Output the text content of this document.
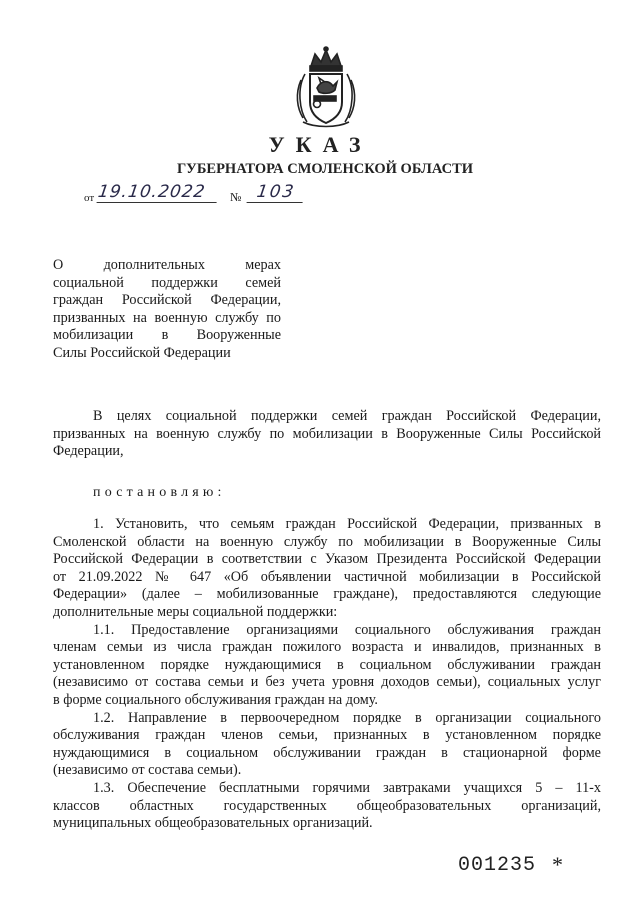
УКАЗ
ГУБЕРНАТОРА СМОЛЕНСКОЙ ОБЛАСТИ
от 19.10.2022	№ 103
О дополнительных мерах
социальной поддержки семей
граждан Российской Федерации,
призванных на военную службу по
мобилизации в Вооруженные
Силы Российской Федерации
В целях социальной поддержки семей граждан Российской Федерации,
призванных на военную службу по мобилизации в Вооруженные Силы Российской
Федерации,
постановляю:
1. Установить, что семьям граждан Российской Федерации, призванных в
Смоленской области на военную службу по мобилизации в Вооруженные Силы
Российской Федерации в соответствии с Указом Президента Российской Федерации
от 21.09.2022 № 647 «Об объявлении частичной мобилизации в Российской
Федерации» (далее – мобилизованные граждане), предоставляются следующие
дополнительные меры социальной поддержки:
1.1. Предоставление организациями социального обслуживания граждан
членам семьи из числа граждан пожилого возраста и инвалидов, признанных в
установленном порядке нуждающимися в социальном обслуживании граждан
(независимо от состава семьи и без учета уровня доходов семьи), социальных услуг
в форме социального обслуживания граждан на дому.
1.2. Направление в первоочередном порядке в организации социального
обслуживания граждан членов семьи, признанных в установленном порядке
нуждающимися в социальном обслуживании граждан в стационарной форме
(независимо от состава семьи).
1.3. Обеспечение бесплатными горячими завтраками учащихся 5 – 11-х
классов областных государственных общеобразовательных организаций,
муниципальных общеобразовательных организаций.
001235 *
